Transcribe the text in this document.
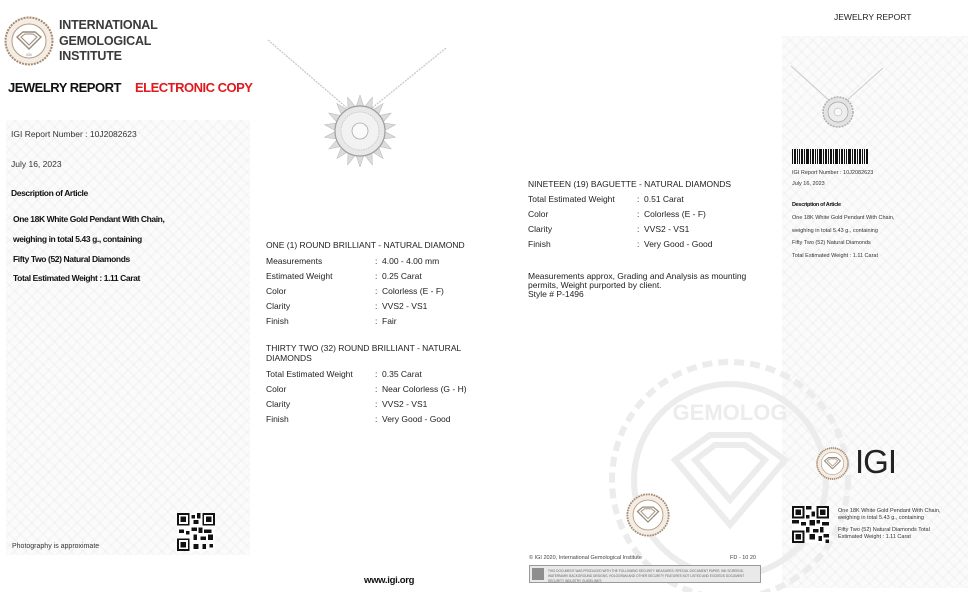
GEMOLOG
IGI
INTERNATIONAL
GEMOLOGICAL
INSTITUTE
JEWELRY REPORT ELECTRONIC COPY
IGI Report Number : 10J2082623
July 16, 2023
Description of Article
One 18K White Gold Pendant With Chain,
weighing in total 5.43 g., containing
Fifty Two (52) Natural Diamonds
Total Estimated Weight : 1.11 Carat
Photography is approximate
www.igi.org
ONE (1) ROUND BRILLIANT - NATURAL DIAMOND
Measurements	: 4.00 - 4.00 mm
Estimated Weight	: 0.25 Carat
Color	: Colorless (E - F)
Clarity	: VVS2 - VS1
Finish	: Fair
THIRTY TWO (32) ROUND BRILLIANT - NATURAL
DIAMONDS
Total Estimated Weight	: 0.35 Carat
Color	: Near Colorless (G - H)
Clarity	: VVS2 - VS1
Finish	: Very Good - Good
NINETEEN (19) BAGUETTE - NATURAL DIAMONDS
Total Estimated Weight	: 0.51 Carat
Color	: Colorless (E - F)
Clarity	: VVS2 - VS1
Finish	: Very Good - Good
Measurements approx, Grading and Analysis as mounting
permits, Weight purported by client.
Style # P-1496
© IGI 2020, International Gemological Institute	FD - 10 20
THIS DOCUMENT WAS PRODUCED WITH THE FOLLOWING SECURITY MEASURES: SPECIAL DOCUMENT PAPER, INK SCREENS, WATERMARK BACKGROUND DESIGNS, HOLOGRAM AND OTHER SECURITY FEATURES NOT LISTED AND EXCEEDS DOCUMENT SECURITY INDUSTRY GUIDELINES.
JEWELRY REPORT
IGI Report Number : 10J2082623
July 16, 2023
Description of Article
One 18K White Gold Pendant With Chain,
weighing in total 5.43 g., containing
Fifty Two (52) Natural Diamonds
Total Estimated Weight : 1.11 Carat
IGI
One 18K White Gold Pendant With Chain,
weighing in total 5.43 g., containing
Fifty Two (52) Natural Diamonds Total
Estimated Weight : 1.11 Carat
